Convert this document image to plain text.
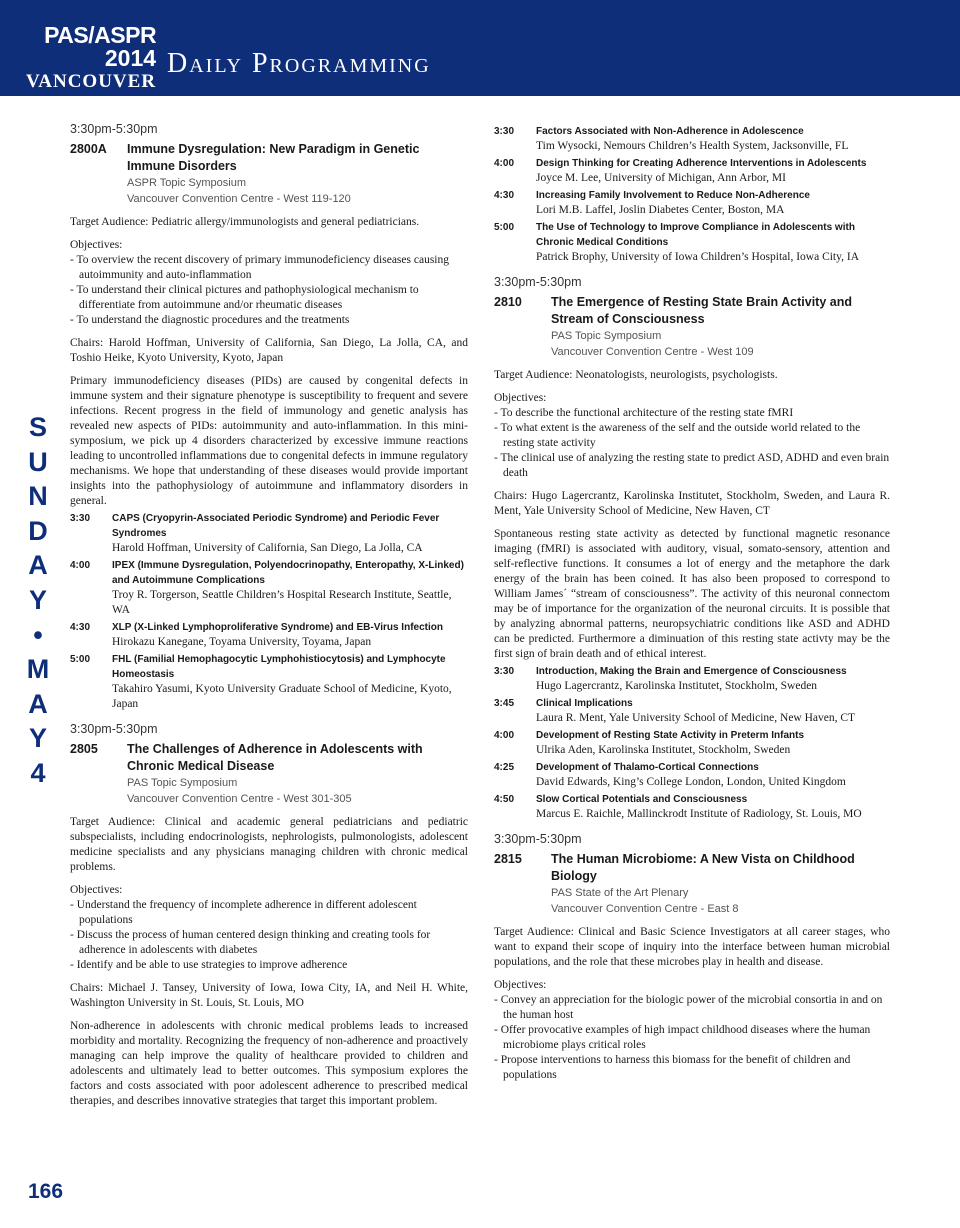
PAS/ASPR
2014
VANCOUVER
Daily Programming
S
U
N
D
A
Y
•
M
A
Y
4
166
3:30pm-5:30pm
2800A	Immune Dysregulation: New Paradigm in Genetic Immune Disorders
ASPR Topic Symposium
Vancouver Convention Centre - West 119-120
Target Audience: Pediatric allergy/immunologists and general pediatricians.
Objectives:
- To overview the recent discovery of primary immunodeficiency diseases causing autoimmunity and auto-inflammation
- To understand their clinical pictures and pathophysiological mechanism to differentiate from autoimmune and/or rheumatic diseases
- To understand the diagnostic procedures and the treatments
Chairs: Harold Hoffman, University of California, San Diego, La Jolla, CA, and Toshio Heike, Kyoto University, Kyoto, Japan
Primary immunodeficiency diseases (PIDs) are caused by congenital defects in immune system and their signature phenotype is susceptibility to frequent and severe infections. Recent progress in the field of immunology and genetic analysis has revealed new aspects of PIDs: autoimmunity and auto-inflammation. In this mini-symposium, we pick up 4 disorders characterized by excessive immune reactions leading to uncontrolled inflammations due to congenital defects in immune regulatory mechanisms. We hope that understanding of these diseases would provide important insights into the pathophysiology of autoimmune and inflammatory disorders in general.
3:30	CAPS (Cryopyrin-Associated Periodic Syndrome) and Periodic Fever Syndromes
Harold Hoffman, University of California, San Diego, La Jolla, CA
4:00	IPEX (Immune Dysregulation, Polyendocrinopathy, Enteropathy, X-Linked) and Autoimmune Complications
Troy R. Torgerson, Seattle Children’s Hospital Research Institute, Seattle, WA
4:30	XLP (X-Linked Lymphoproliferative Syndrome) and EB-Virus Infection
Hirokazu Kanegane, Toyama University, Toyama, Japan
5:00	FHL (Familial Hemophagocytic Lymphohistiocytosis) and Lymphocyte Homeostasis
Takahiro Yasumi, Kyoto University Graduate School of Medicine, Kyoto, Japan
3:30pm-5:30pm
2805	The Challenges of Adherence in Adolescents with Chronic Medical Disease
PAS Topic Symposium
Vancouver Convention Centre - West 301-305
Target Audience: Clinical and academic general pediatricians and pediatric subspecialists, including endocrinologists, nephrologists, pulmonologists, adolescent medicine specialists and any physicians managing children with chronic medical problems.
Objectives:
- Understand the frequency of incomplete adherence in different adolescent populations
- Discuss the process of human centered design thinking and creating tools for adherence in adolescents with diabetes
- Identify and be able to use strategies to improve adherence
Chairs: Michael J. Tansey, University of Iowa, Iowa City, IA, and Neil H. White, Washington University in St. Louis, St. Louis, MO
Non-adherence in adolescents with chronic medical problems leads to increased morbidity and mortality. Recognizing the frequency of non-adherence and proactively managing can help improve the quality of healthcare provided to children and adolescents and ultimately lead to better outcomes. This symposium explores the factors and costs associated with poor adolescent adherence to prescribed medical therapies, and describes innovative strategies that target this important problem.
3:30	Factors Associated with Non-Adherence in Adolescence
Tim Wysocki, Nemours Children’s Health System, Jacksonville, FL
4:00	Design Thinking for Creating Adherence Interventions in Adolescents
Joyce M. Lee, University of Michigan, Ann Arbor, MI
4:30	Increasing Family Involvement to Reduce Non-Adherence
Lori M.B. Laffel, Joslin Diabetes Center, Boston, MA
5:00	The Use of Technology to Improve Compliance in Adolescents with Chronic Medical Conditions
Patrick Brophy, University of Iowa Children’s Hospital, Iowa City, IA
3:30pm-5:30pm
2810	The Emergence of Resting State Brain Activity and Stream of Consciousness
PAS Topic Symposium
Vancouver Convention Centre - West 109
Target Audience: Neonatologists, neurologists, psychologists.
Objectives:
- To describe the functional architecture of the resting state fMRI
- To what extent is the awareness of the self and the outside world related to the resting state activity
- The clinical use of analyzing the resting state to predict ASD, ADHD and even brain death
Chairs: Hugo Lagercrantz, Karolinska Institutet, Stockholm, Sweden, and Laura R. Ment, Yale University School of Medicine, New Haven, CT
Spontaneous resting state activity as detected by functional magnetic resonance imaging (fMRI) is associated with auditory, visual, somato-sensory, attention and self-reflective functions. It consumes a lot of energy and the metaphore the dark energy of the brain has been coined. It has also been proposed to correspond to William James´ “stream of consciousness”. The activity of this neuronal connectom may be of importance for the organization of the neuronal circuits. It is possible that by analyzing abnormal patterns, neuropsychiatric conditions like ASD and ADHD can be predicted. Furthermore a diminuation of this resting state activty may be the first sign of brain death and of ethical interest.
3:30	Introduction, Making the Brain and Emergence of Consciousness
Hugo Lagercrantz, Karolinska Institutet, Stockholm, Sweden
3:45	Clinical Implications
Laura R. Ment, Yale University School of Medicine, New Haven, CT
4:00	Development of Resting State Activity in Preterm Infants
Ulrika Aden, Karolinska Institutet, Stockholm, Sweden
4:25	Development of Thalamo-Cortical Connections
David Edwards, King’s College London, London, United Kingdom
4:50	Slow Cortical Potentials and Consciousness
Marcus E. Raichle, Mallinckrodt Institute of Radiology, St. Louis, MO
3:30pm-5:30pm
2815	The Human Microbiome: A New Vista on Childhood Biology
PAS State of the Art Plenary
Vancouver Convention Centre - East 8
Target Audience: Clinical and Basic Science Investigators at all career stages, who want to expand their scope of inquiry into the interface between human microbial populations, and the role that these microbes play in health and disease.
Objectives:
- Convey an appreciation for the biologic power of the microbial consortia in and on the human host
- Offer provocative examples of high impact childhood diseases where the human microbiome plays critical roles
- Propose interventions to harness this biomass for the benefit of children and populations
